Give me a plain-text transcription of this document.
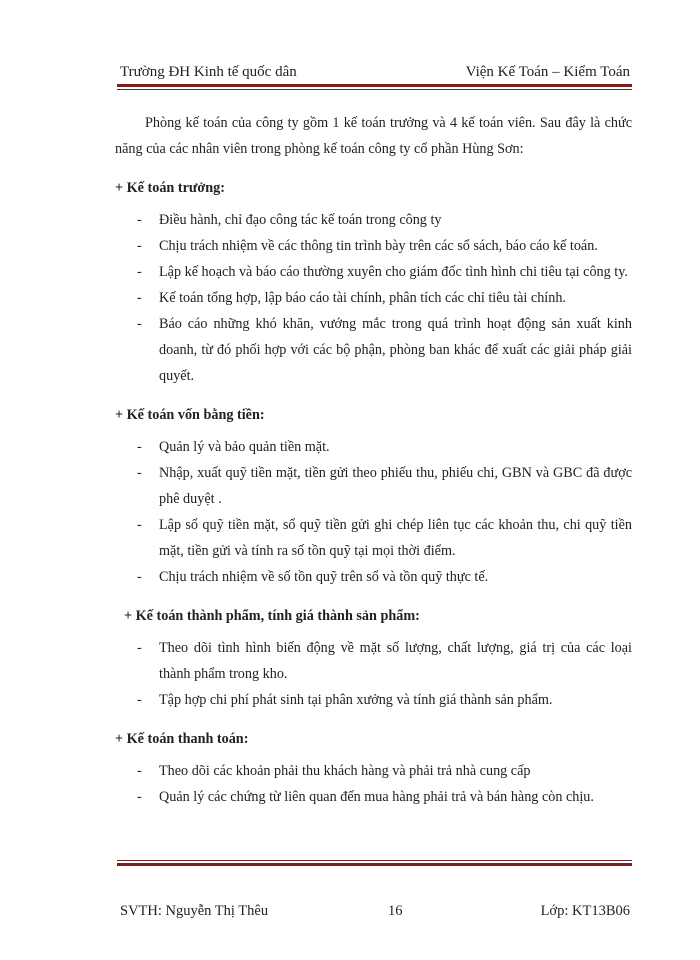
Trường ĐH Kinh tế quốc dân	Viện Kế Toán – Kiểm Toán

Phòng kế toán của công ty gồm 1 kế toán trưởng và 4 kế toán viên. Sau đây là chức năng của các nhân viên trong phòng kế toán công ty cổ phần Hùng Sơn:

+ Kế toán trưởng:
- Điều hành, chỉ đạo công tác kế toán trong công ty
- Chịu trách nhiệm về các thông tin trình bày trên các sổ sách, báo cáo kế toán.
- Lập kế hoạch và báo cáo thường xuyên cho giám đốc tình hình chi tiêu tại công ty.
- Kế toán tổng hợp, lập báo cáo tài chính, phân tích các chỉ tiêu tài chính.
- Báo cáo những khó khăn, vướng mắc trong quá trình hoạt động sản xuất kinh doanh, từ đó phối hợp với các bộ phận, phòng ban khác để xuất các giải pháp giải quyết.
+ Kế toán vốn bằng tiền:
- Quản lý và bảo quản tiền mặt.
- Nhập, xuất quỹ tiền mặt, tiền gửi theo phiếu thu, phiếu chi, GBN và GBC đã được phê duyệt .
- Lập sổ quỹ tiền mặt, sổ quỹ tiền gửi ghi chép liên tục các khoản thu, chi quỹ tiền mặt, tiền gửi và tính ra số tồn quỹ tại mọi thời điểm.
- Chịu trách nhiệm về số tồn quỹ trên sổ và tồn quỹ thực tế.
+ Kế toán thành phẩm, tính giá thành sản phẩm:
- Theo dõi tình hình biến động về mặt số lượng, chất lượng, giá trị của các loại thành phẩm trong kho.
- Tập hợp chi phí phát sinh tại phân xưởng và tính giá thành sản phẩm.
+ Kế toán thanh toán:
- Theo dõi các khoản phải thu khách hàng và phải trả nhà cung cấp
- Quản lý các chứng từ liên quan đến mua hàng phải trả và bán hàng còn chịu.
SVTH: Nguyễn Thị Thêu	16	Lớp: KT13B06
